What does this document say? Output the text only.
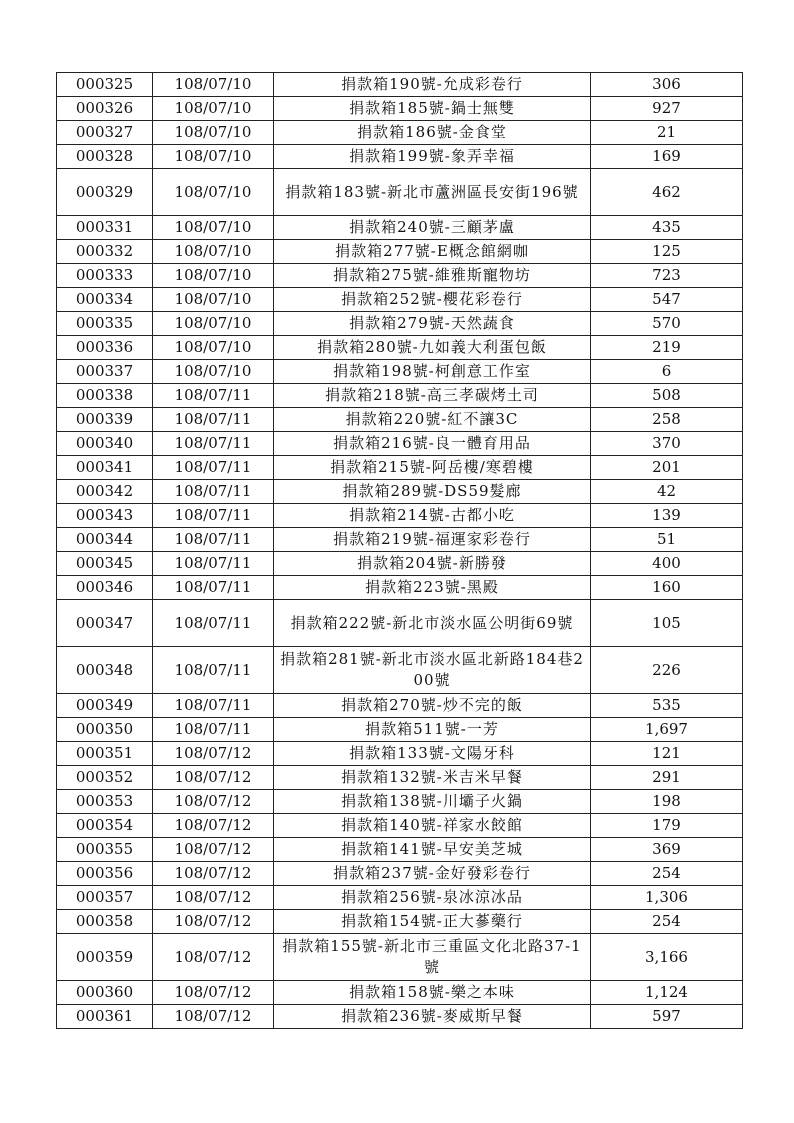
000325	108/07/10	捐款箱190號-允成彩卷行	306
000326	108/07/10	捐款箱185號-鍋士無雙	927
000327	108/07/10	捐款箱186號-金食堂	21
000328	108/07/10	捐款箱199號-象弄幸福	169
000329	108/07/10	捐款箱183號-新北市蘆洲區長安街196號	462
000331	108/07/10	捐款箱240號-三顧茅盧	435
000332	108/07/10	捐款箱277號-E概念館網咖	125
000333	108/07/10	捐款箱275號-維雅斯寵物坊	723
000334	108/07/10	捐款箱252號-櫻花彩卷行	547
000335	108/07/10	捐款箱279號-天然蔬食	570
000336	108/07/10	捐款箱280號-九如義大利蛋包飯	219
000337	108/07/10	捐款箱198號-柯創意工作室	6
000338	108/07/11	捐款箱218號-高三孝碳烤土司	508
000339	108/07/11	捐款箱220號-紅不讓3C	258
000340	108/07/11	捐款箱216號-良一體育用品	370
000341	108/07/11	捐款箱215號-阿岳樓/寒碧樓	201
000342	108/07/11	捐款箱289號-DS59髮廊	42
000343	108/07/11	捐款箱214號-古都小吃	139
000344	108/07/11	捐款箱219號-福運家彩卷行	51
000345	108/07/11	捐款箱204號-新勝發	400
000346	108/07/11	捐款箱223號-黑殿	160
000347	108/07/11	捐款箱222號-新北市淡水區公明街69號	105
000348	108/07/11	捐款箱281號-新北市淡水區北新路184巷200號	226
000349	108/07/11	捐款箱270號-炒不完的飯	535
000350	108/07/11	捐款箱511號-一芳	1,697
000351	108/07/12	捐款箱133號-文陽牙科	121
000352	108/07/12	捐款箱132號-米吉米早餐	291
000353	108/07/12	捐款箱138號-川壩子火鍋	198
000354	108/07/12	捐款箱140號-祥家水餃館	179
000355	108/07/12	捐款箱141號-早安美芝城	369
000356	108/07/12	捐款箱237號-金好發彩卷行	254
000357	108/07/12	捐款箱256號-泉冰涼冰品	1,306
000358	108/07/12	捐款箱154號-正大蔘藥行	254
000359	108/07/12	捐款箱155號-新北市三重區文化北路37-1號	3,166
000360	108/07/12	捐款箱158號-樂之本味	1,124
000361	108/07/12	捐款箱236號-麥威斯早餐	597
